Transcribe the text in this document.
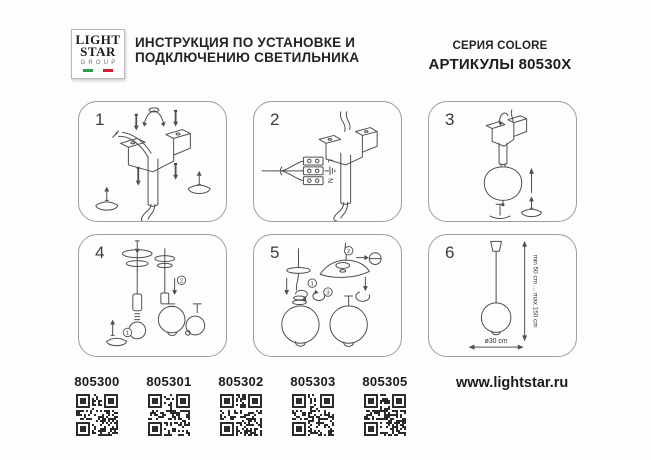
LIGHT
STAR
GROUP
ИНСТРУКЦИЯ ПО УСТАНОВКЕ И
ПОДКЛЮЧЕНИЮ СВЕТИЛЬНИКА
СЕРИЯ COLORE
АРТИКУЛЫ 80530X
1	2
L
N
3
4
1
2
5
1
2
3
6
min 50 cm ... max 150 cm
ø30 cm
805300	805301	805302	805303	805305	www.lightstar.ru
